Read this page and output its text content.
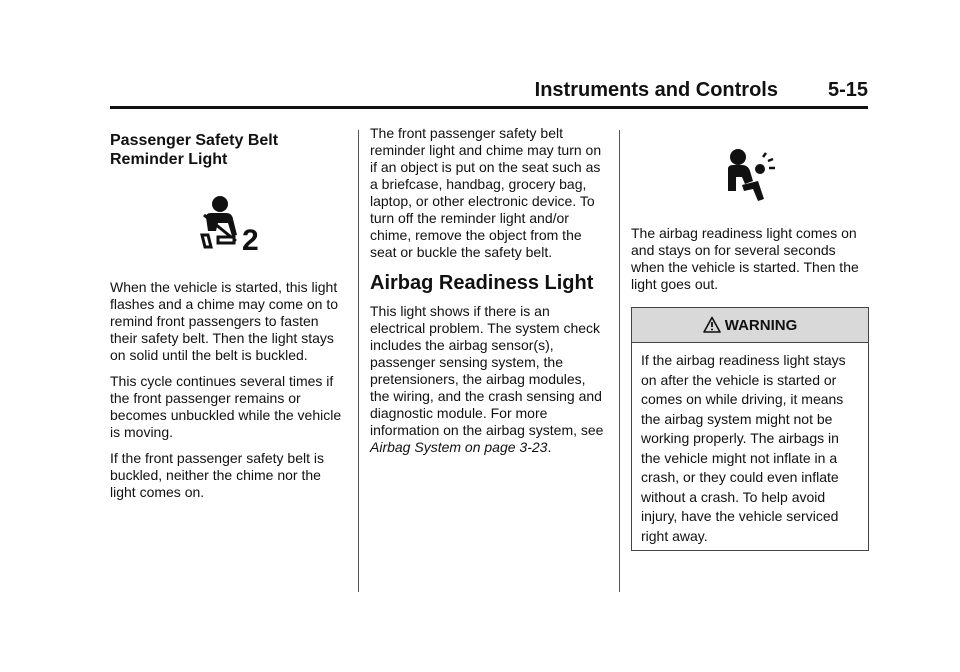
Instruments and Controls 5-15
Passenger Safety Belt
Reminder Light
2

When the vehicle is started, this light flashes and a chime may come on to remind front passengers to fasten their safety belt. Then the light stays on solid until the belt is buckled.

This cycle continues several times if the front passenger remains or becomes unbuckled while the vehicle is moving.

If the front passenger safety belt is buckled, neither the chime nor the light comes on.

The front passenger safety belt reminder light and chime may turn on if an object is put on the seat such as a briefcase, handbag, grocery bag, laptop, or other electronic device. To turn off the reminder light and/or chime, remove the object from the seat or buckle the safety belt.

Airbag Readiness Light

This light shows if there is an electrical problem. The system check includes the airbag sensor(s), passenger sensing system, the pretensioners, the airbag modules, the wiring, and the crash sensing and diagnostic module. For more information on the airbag system, see Airbag System on page 3-23.

The airbag readiness light comes on and stays on for several seconds when the vehicle is started. Then the light goes out.

WARNING
If the airbag readiness light stays on after the vehicle is started or comes on while driving, it means the airbag system might not be working properly. The airbags in the vehicle might not inflate in a crash, or they could even inflate without a crash. To help avoid injury, have the vehicle serviced right away.
